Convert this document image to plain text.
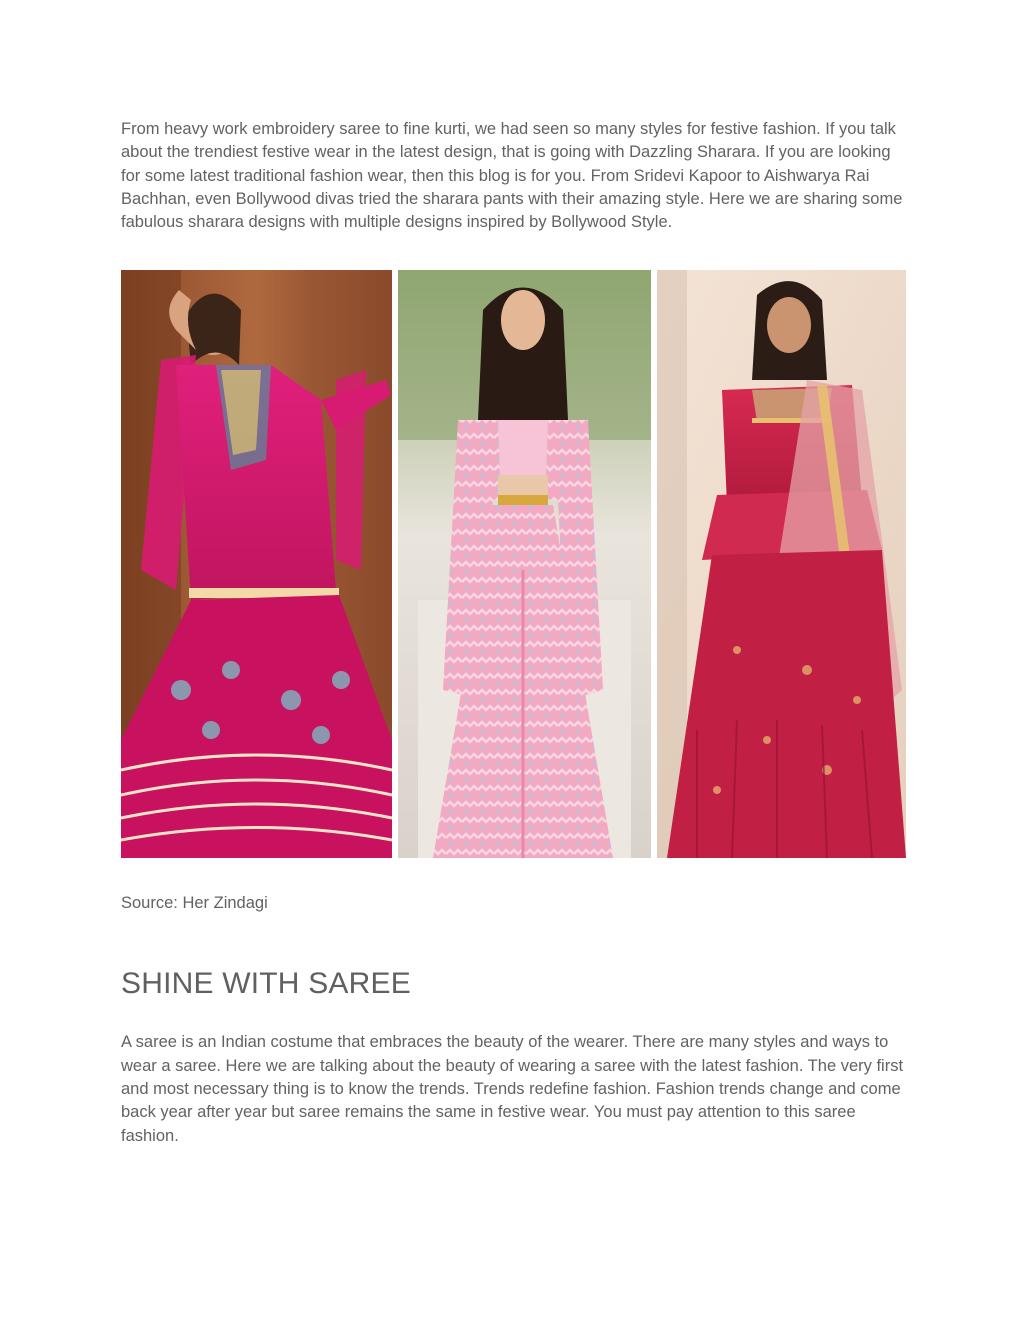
From heavy work embroidery saree to fine kurti, we had seen so many styles for festive fashion. If you talk about the trendiest festive wear in the latest design, that is going with Dazzling Sharara. If you are looking for some latest traditional fashion wear, then this blog is for you. From Sridevi Kapoor to Aishwarya Rai Bachhan, even Bollywood divas tried the sharara pants with their amazing style. Here we are sharing some fabulous sharara designs with multiple designs inspired by Bollywood Style.

Source: Her Zindagi
SHINE WITH SAREE

A saree is an Indian costume that embraces the beauty of the wearer. There are many styles and ways to wear a saree. Here we are talking about the beauty of wearing a saree with the latest fashion. The very first and most necessary thing is to know the trends. Trends redefine fashion. Fashion trends change and come back year after year but saree remains the same in festive wear. You must pay attention to this saree fashion.
